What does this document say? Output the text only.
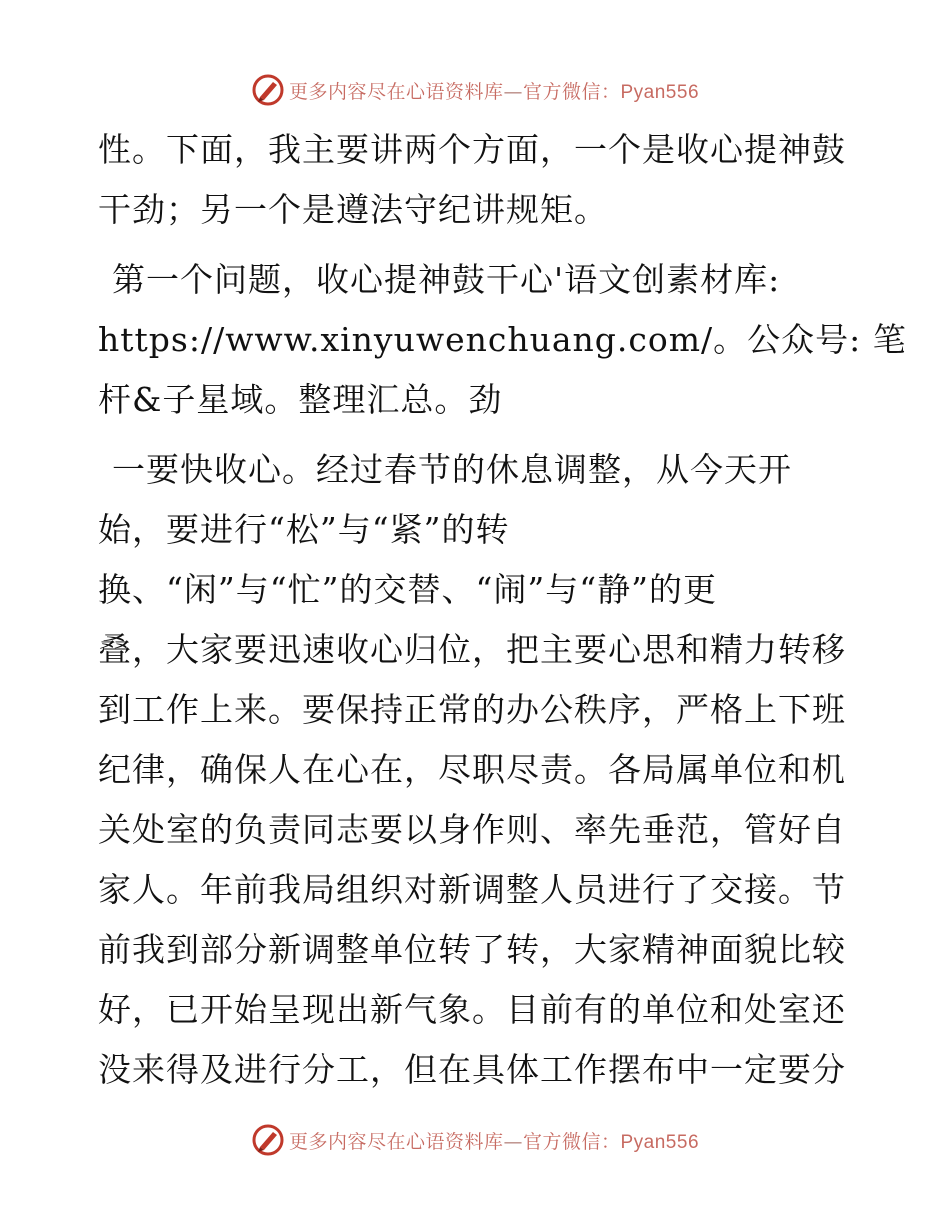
更多内容尽在心语资料库—官方微信：Pyan556
性。下面，我主要讲两个方面，一个是收心提神鼓
干劲；另一个是遵法守纪讲规矩。
第一个问题，收心提神鼓干心'语文创素材库:
https://www.xinyuwenchuang.com/。公众号: 笔
杆&子星域。整理汇总。劲
一要快收心。经过春节的休息调整，从今天开
始，要进行“松”与“紧”的转
换、“闲”与“忙”的交替、“闹”与“静”的更
叠，大家要迅速收心归位，把主要心思和精力转移
到工作上来。要保持正常的办公秩序，严格上下班
纪律，确保人在心在，尽职尽责。各局属单位和机
关处室的负责同志要以身作则、率先垂范，管好自
家人。年前我局组织对新调整人员进行了交接。节
前我到部分新调整单位转了转，大家精神面貌比较
好，已开始呈现出新气象。目前有的单位和处室还
没来得及进行分工，但在具体工作摆布中一定要分
更多内容尽在心语资料库—官方微信：Pyan556
